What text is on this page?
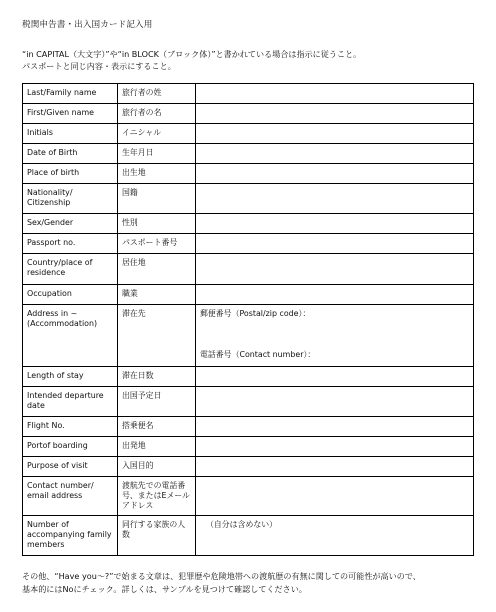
税関申告書・出入国カード記入用
“in CAPITAL（大文字）”や“in BLOCK（ブロック体）”と書かれている場合は指示に従うこと。
パスポートと同じ内容・表示にすること。
Last/Family name	旅行者の姓	
First/Given name	旅行者の名	
Initials	イニシャル	
Date of Birth	生年月日	
Place of birth	出生地	
Nationality/ Citizenship	国籍	
Sex/Gender	性別	
Passport no.	パスポート番号	
Country/place of residence	居住地	
Occupation	職業	
Address in ~ (Accommodation)	滞在先	郵便番号（Postal/zip code）：
電話番号（Contact number）：

Length of stay	滞在日数	
Intended departure date	出国予定日	
Flight No.	搭乗便名	
Portof boarding	出発地	
Purpose of visit	入国目的	
Contact number/ email address	渡航先での電話番号、またはEメールアドレス	
Number of accompanying family members	同行する家族の人数	（自分は含めない）
その他、“Have you〜?”で始まる文章は、犯罪歴や危険地帯への渡航歴の有無に関しての可能性が高いので、
基本的にはNoにチェック。詳しくは、サンプルを見つけて確認してください。
